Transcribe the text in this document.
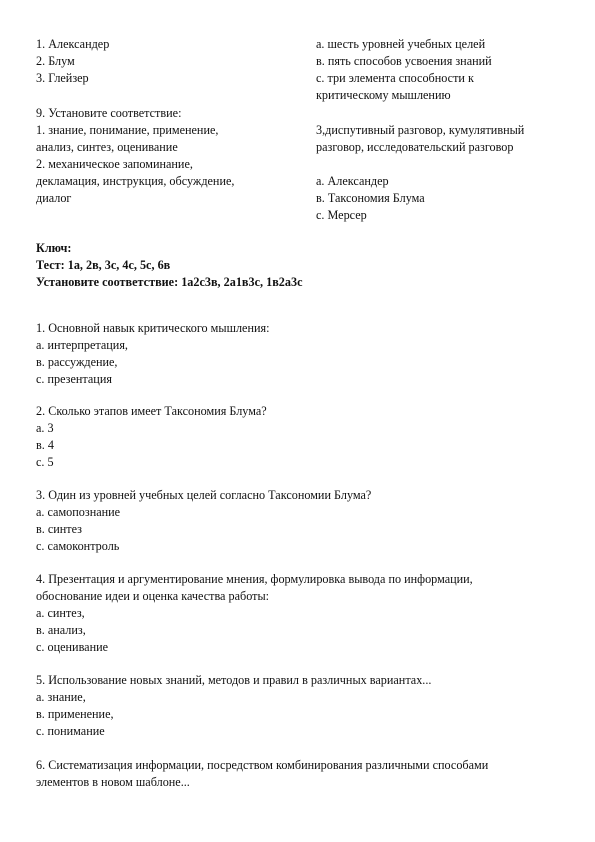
1. Александер
2. Блум
3. Глейзер
а. шесть уровней учебных целей
в. пять способов усвоения знаний
с. три элемента способности к
критическому мышлению
9. Установите соответствие:
1. знание, понимание, применение,
анализ, синтез, оценивание
2. механическое запоминание,
декламация, инструкция, обсуждение,
диалог
3,диспутивный разговор, кумулятивный
разговор, исследовательский разговор
а. Александер
в. Таксономия Блума
с. Мерсер
Ключ:
Тест: 1а, 2в, 3с, 4с, 5с, 6в
Установите соответствие: 1а2с3в, 2а1в3с, 1в2а3с
1. Основной навык критического мышления:
а. интерпретация,
в. рассуждение,
с. презентация
2. Сколько этапов имеет Таксономия Блума?
а. 3
в. 4
с. 5
3. Один из уровней учебных целей согласно Таксономии Блума?
а. самопознание
в. синтез
с. самоконтроль
4. Презентация и аргументирование мнения, формулировка вывода по информации,
обоснование идеи и оценка качества работы:
а. синтез,
в. анализ,
с. оценивание
5. Использование новых знаний, методов и правил в различных вариантах...
а. знание,
в. применение,
с. понимание
6. Систематизация информации, посредством комбинирования различными способами
элементов в новом шаблоне...
